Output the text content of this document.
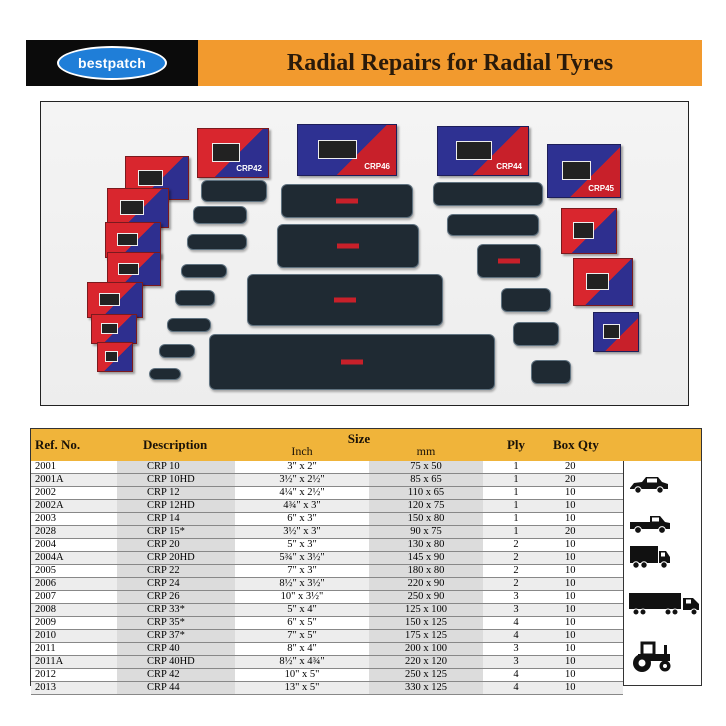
bestpatch	Radial Repairs for Radial Tyres
CRP42	CRP46	CRP44
CRP45
Ref. No.	Description	Size
Inch mm		Ply	Box Qty
2001	CRP 10	3" x 2"	75 x 50	1	20
2001A	CRP 10HD	3½" x 2½"	85 x 65	1	20
2002	CRP 12	4¼" x 2½"	110 x 65	1	10
2002A	CRP 12HD	4¾" x 3"	120 x 75	1	10
2003	CRP 14	6" x 3"	150 x 80	1	10
2028	CRP 15*	3½" x 3"	90 x 75	1	20
2004	CRP 20	5" x 3"	130 x 80	2	10
2004A	CRP 20HD	5¾" x 3½"	145 x 90	2	10
2005	CRP 22	7" x 3"	180 x 80	2	10
2006	CRP 24	8½" x 3½"	220 x 90	2	10
2007	CRP 26	10" x 3½"	250 x 90	3	10
2008	CRP 33*	5" x 4"	125 x 100	3	10
2009	CRP 35*	6" x 5"	150 x 125	4	10
2010	CRP 37*	7" x 5"	175 x 125	4	10
2011	CRP 40	8" x 4"	200 x 100	3	10
2011A	CRP 40HD	8½" x 4¾"	220 x 120	3	10
2012	CRP 42	10" x 5"	250 x 125	4	10
2013	CRP 44	13" x 5"	330 x 125	4	10
